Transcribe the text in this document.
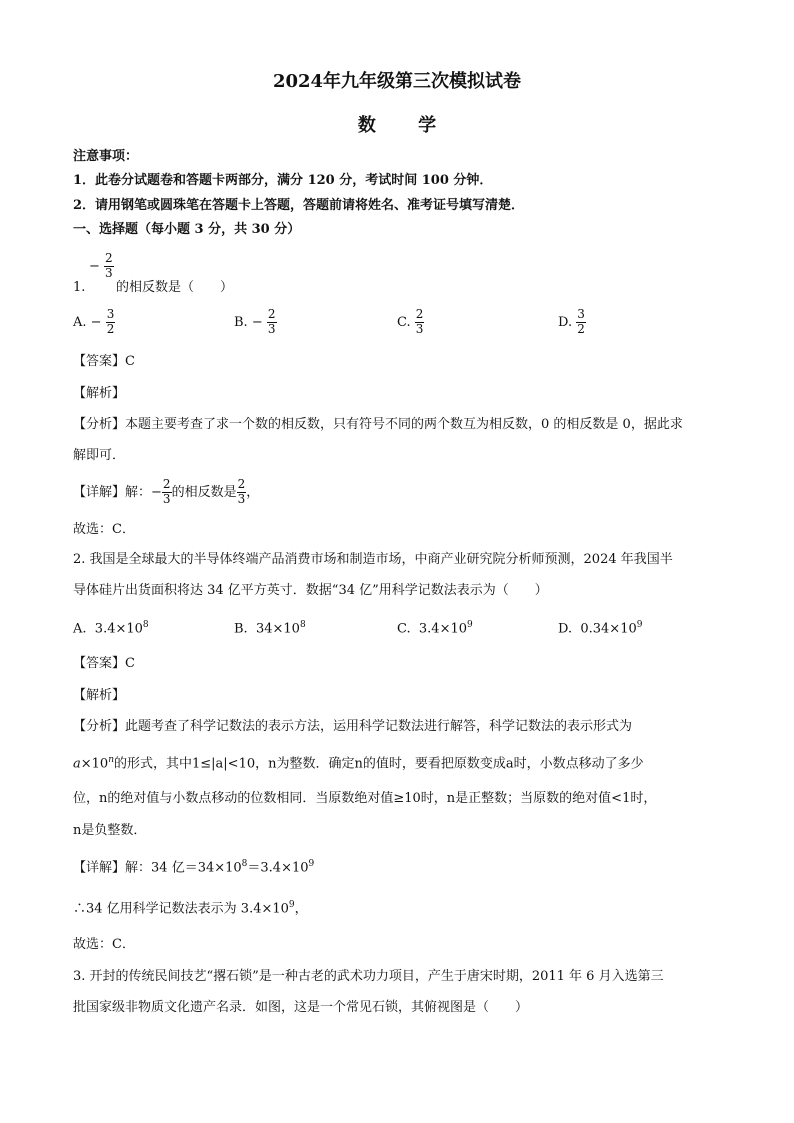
2024年九年级第三次模拟试卷
数 学
注意事项：
1．此卷分试题卷和答题卡两部分，满分 120 分，考试时间 100 分钟．
2．请用钢笔或圆珠笔在答题卡上答题，答题前请将姓名、准考证号填写清楚．
一、选择题（每小题 3 分，共 30 分）
1.
− $\frac{2}{3}$
的相反数是（　　）
A. − $\frac{3}{2}$	B. − $\frac{2}{3}$	C. $\frac{2}{3}$	D. $\frac{3}{2}$
【答案】C
【解析】
【分析】本题主要考查了求一个数的相反数，只有符号不同的两个数互为相反数，0 的相反数是 0，据此求
解即可．
【详解】解：− $\frac{2}{3}$ 的相反数是 $\frac{2}{3}$ ，
故选：C．
2. 我国是全球最大的半导体终端产品消费市场和制造市场，中商产业研究院分析师预测，2024 年我国半
导体硅片出货面积将达 34 亿平方英寸．数据“34 亿”用科学记数法表示为（　　）
A. $3.4\times 10^8$	B. $34\times 10^8$	C. $3.4\times 10^9$	D. $0.34\times 10^9$
【答案】C
【解析】
【分析】此题考查了科学记数法的表示方法，运用科学记数法进行解答，科学记数法的表示形式为
$a\times 10^n$的形式，其中1≤|a|<10，n为整数．确定n的值时，要看把原数变成a时，小数点移动了多少
位，n的绝对值与小数点移动的位数相同．当原数绝对值≥10时，n是正整数；当原数的绝对值<1时，
n是负整数．
【详解】解：34 亿$=34\times 10^8=3.4\times 10^9$
∴34 亿用科学记数法表示为 $3.4\times 10^9$，
故选：C．
3. 开封的传统民间技艺“撂石锁”是一种古老的武术功力项目，产生于唐宋时期，2011 年 6 月入选第三
批国家级非物质文化遗产名录．如图，这是一个常见石锁，其俯视图是（　　）
